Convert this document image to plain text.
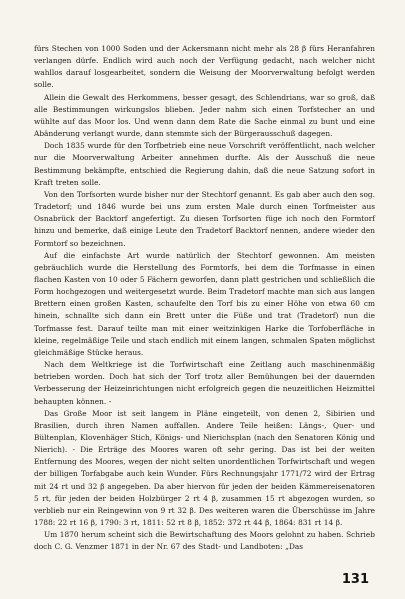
fürs Stechen von 1000 Soden und der Ackersmann nicht mehr als 28 β fürs Heranfahren verlangen dürfe. Endlich wird auch noch der Verfügung gedacht, nach welcher nicht wahllos darauf losgearbeitet, sondern die Weisung der Moorverwaltung befolgt werden solle.

Allein die Gewalt des Herkommens, besser gesagt, des Schlendrians, war so groß, daß alle Bestimmungen wirkungslos blieben. Jeder nahm sich einen Torfstecher an und wühlte auf das Moor los. Und wenn dann dem Rate die Sache einmal zu bunt und eine Abänderung verlangt wurde, dann stemmte sich der Bürgerausschuß dagegen.

Doch 1835 wurde für den Torfbetrieb eine neue Vorschrift veröffentlicht, nach welcher nur die Moorverwaltung Arbeiter annehmen durfte. Als der Ausschuß die neue Bestimmung bekämpfte, entschied die Regierung dahin, daß die neue Satzung sofort in Kraft treten solle.

Von den Torfsorten wurde bisher nur der Stechtorf genannt. Es gab aber auch den sog. Tradetorf; und 1846 wurde bei uns zum ersten Male durch einen Torfmeister aus Osnabrück der Backtorf angefertigt. Zu diesen Torfsorten füge ich noch den Formtorf hinzu und bemerke, daß einige Leute den Tradetorf Backtorf nennen, andere wieder den Formtorf so bezeichnen.

Auf die einfachste Art wurde natürlich der Stechtorf gewonnen. Am meisten gebräuchlich wurde die Herstellung des Formtorfs, bei dem die Torfmasse in einen flachen Kasten von 10 oder 5 Fächern geworfen, dann platt gestrichen und schließlich die Form hochgezogen und weitergesetzt wurde. Beim Tradetorf machte man sich aus langen Brettern einen großen Kasten, schaufelte den Torf bis zu einer Höhe von etwa 60 cm hinein, schnallte sich dann ein Brett unter die Füße und trat (Tradetorf) nun die Torfmasse fest. Darauf teilte man mit einer weitzinkigen Harke die Torfoberfläche in kleine, regelmäßige Teile und stach endlich mit einem langen, schmalen Spaten möglichst gleichmäßige Stücke heraus.

Nach dem Weltkriege ist die Torfwirtschaft eine Zeitlang auch maschinenmäßig betrieben worden. Doch hat sich der Torf trotz aller Bemühungen bei der dauernden Verbesserung der Heizeinrichtungen nicht erfolgreich gegen die neuzeitlichen Heizmittel behaupten können. -

Das Große Moor ist seit langem in Pläne eingeteilt, von denen 2, Sibirien und Brasilien, durch ihren Namen auffallen. Andere Teile heißen: Längs-, Quer- und Bültenplan, Klovenhäger Stich, Königs- und Nierichsplan (nach den Senatoren König und Nierich). - Die Erträge des Moores waren oft sehr gering. Das ist bei der weiten Entfernung des Moores, wegen der nicht selten unordentlichen Torfwirtschaft und wegen der billigen Torfabgabe auch kein Wunder. Fürs Rechnungsjahr 1771/72 wird der Ertrag mit 24 rt und 32 β angegeben. Da aber hiervon für jeden der beiden Kämmereisenatoren 5 rt, für jeden der beiden Holzbürger 2 rt 4 β, zusammen 15 rt abgezogen wurden, so verblieb nur ein Reingewinn von 9 rt 32 β. Des weiteren waren die Überschüsse im Jahre 1788: 22 rt 16 β, 1790: 3 rt, 1811: 52 rt 8 β, 1852: 372 rt 44 β, 1864: 831 rt 14 β.

Um 1870 herum scheint sich die Bewirtschaftung des Moors gelohnt zu haben. Schrieb doch C. G. Venzmer 1871 in der Nr. 67 des Stadt- und Landboten: „Das

131
